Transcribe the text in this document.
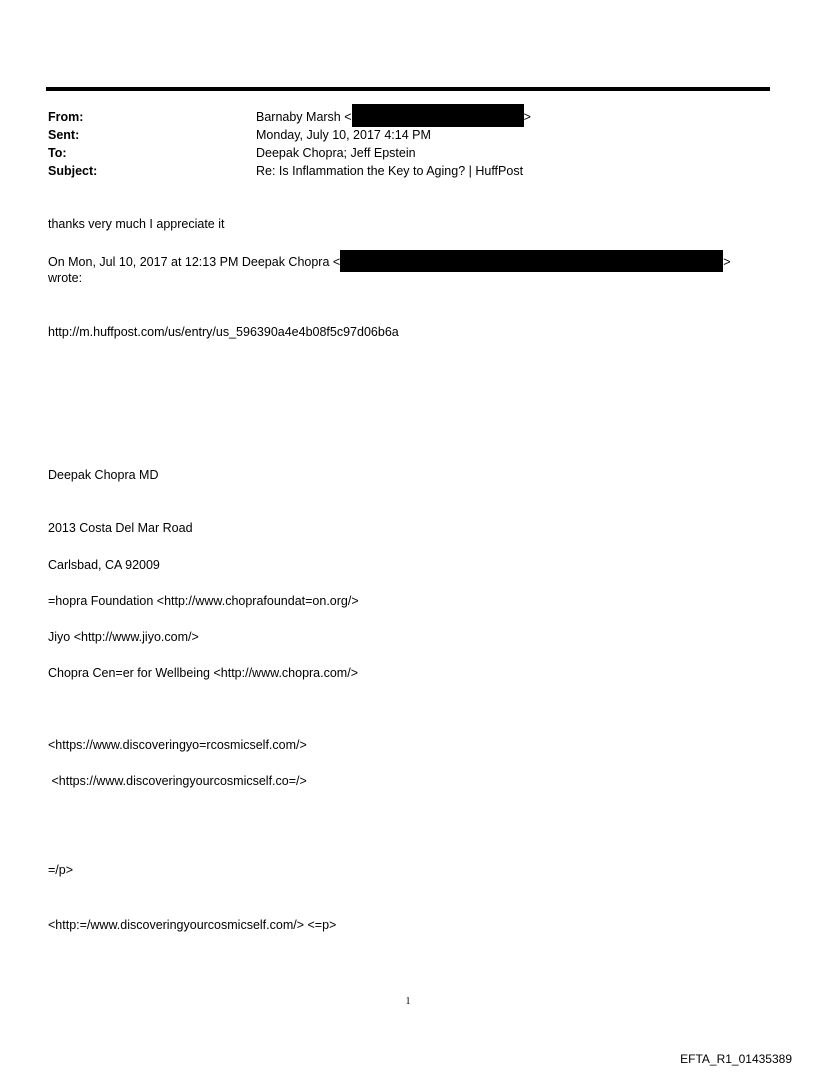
From:	Barnaby Marsh <	>
Sent:	Monday, July 10, 2017 4:14 PM
To:	Deepak Chopra; Jeff Epstein
Subject:	Re: Is Inflammation the Key to Aging? | HuffPost
thanks very much I appreciate it
On Mon, Jul 10, 2017 at 12:13 PM Deepak Chopra <	>
wrote:
http://m.huffpost.com/us/entry/us_596390a4e4b08f5c97d06b6a
Deepak Chopra MD
2013 Costa Del Mar Road
Carlsbad, CA 92009
=hopra Foundation <http://www.choprafoundat=on.org/>
Jiyo <http://www.jiyo.com/>
Chopra Cen=er for Wellbeing <http://www.chopra.com/>
<https://www.discoveringyo=rcosmicself.com/>
<https://www.discoveringyourcosmicself.co=/>
=/p>
<http:=/www.discoveringyourcosmicself.com/> <=p>
1
EFTA_R1_01435389
